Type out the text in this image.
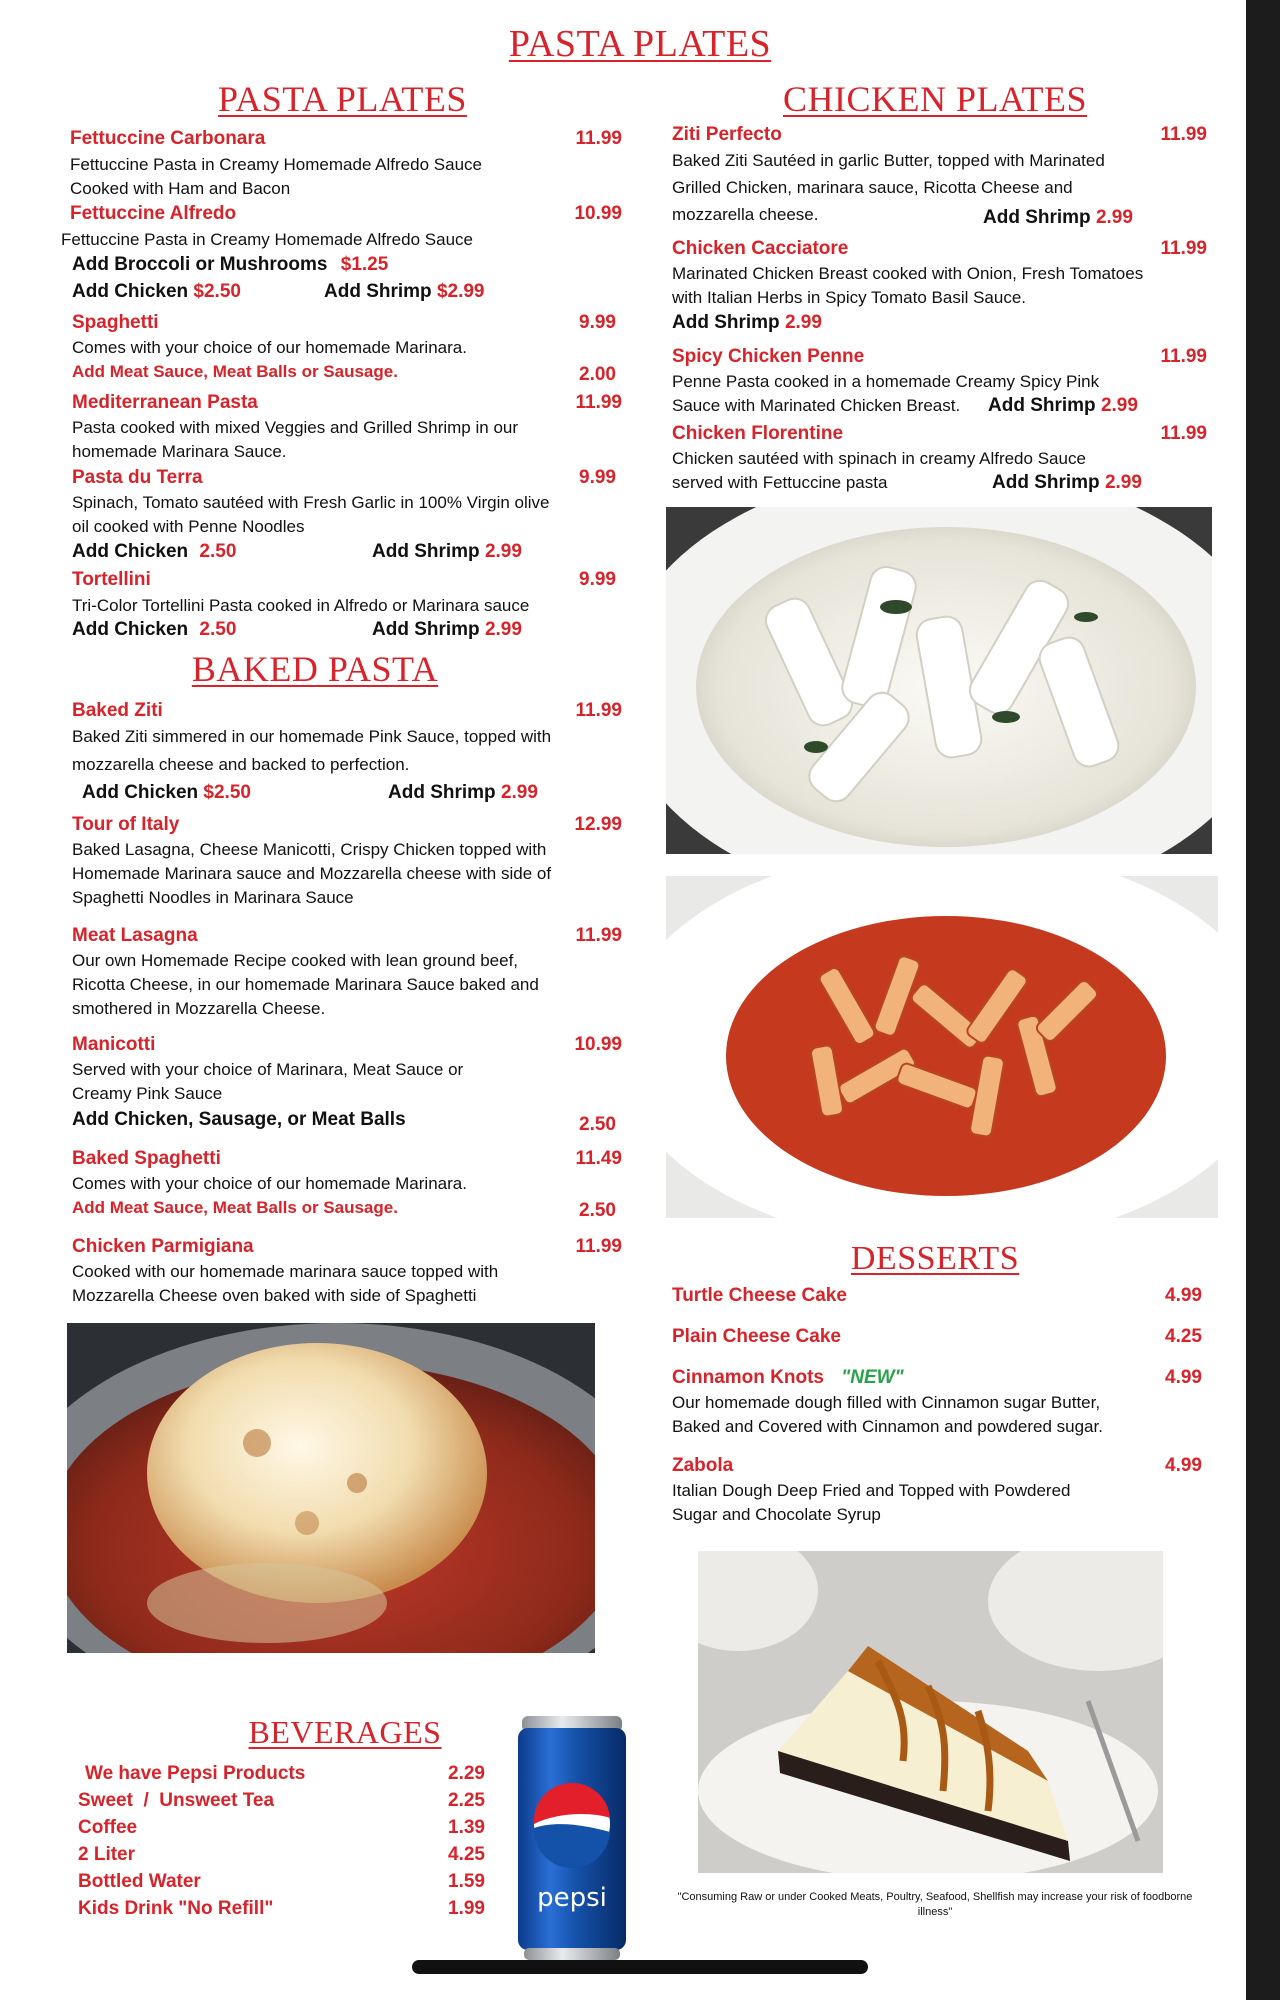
PASTA PLATES
PASTA PLATES
Fettuccine Carbonara	11.99
Fettuccine Pasta in Creamy Homemade Alfredo Sauce Cooked with Ham and Bacon
Fettuccine Alfredo	10.99
Fettuccine Pasta in Creamy Homemade Alfredo Sauce
Add Broccoli or Mushrooms $1.25
Add Chicken $2.50	Add Shrimp $2.99
Spaghetti	9.99
Comes with your choice of our homemade Marinara.
Add Meat Sauce, Meat Balls or Sausage.	2.00
Mediterranean Pasta	11.99
Pasta cooked with mixed Veggies and Grilled Shrimp in our homemade Marinara Sauce.
Pasta du Terra	9.99
Spinach, Tomato sautéed with Fresh Garlic in 100% Virgin olive oil cooked with Penne Noodles
Add Chicken 2.50	Add Shrimp 2.99
Tortellini	9.99
Tri-Color Tortellini Pasta cooked in Alfredo or Marinara sauce
Add Chicken 2.50	Add Shrimp 2.99
BAKED PASTA
Baked Ziti	11.99
Baked Ziti simmered in our homemade Pink Sauce, topped with mozzarella cheese and backed to perfection.
Add Chicken $2.50	Add Shrimp 2.99
Tour of Italy	12.99
Baked Lasagna, Cheese Manicotti, Crispy Chicken topped with Homemade Marinara sauce and Mozzarella cheese with side of Spaghetti Noodles in Marinara Sauce
Meat Lasagna	11.99
Our own Homemade Recipe cooked with lean ground beef, Ricotta Cheese, in our homemade Marinara Sauce baked and smothered in Mozzarella Cheese.
Manicotti	10.99
Served with your choice of Marinara, Meat Sauce or Creamy Pink Sauce
Add Chicken, Sausage, or Meat Balls	2.50
Baked Spaghetti	11.49
Comes with your choice of our homemade Marinara.
Add Meat Sauce, Meat Balls or Sausage.	2.50
Chicken Parmigiana	11.99
Cooked with our homemade marinara sauce topped with Mozzarella Cheese oven baked with side of Spaghetti
BEVERAGES
We have Pepsi Products	2.29
Sweet  /  Unsweet Tea	2.25
Coffee	1.39
2 Liter	4.25
Bottled Water	1.59
Kids Drink "No Refill"	1.99 pepsi
CHICKEN PLATES
Ziti Perfecto	11.99
Baked Ziti Sautéed in garlic Butter, topped with Marinated Grilled Chicken, marinara sauce, Ricotta Cheese and mozzarella cheese.	Add Shrimp 2.99
Chicken Cacciatore	11.99
Marinated Chicken Breast cooked with Onion, Fresh Tomatoes with Italian Herbs in Spicy Tomato Basil Sauce.
Add Shrimp 2.99
Spicy Chicken Penne	11.99
Penne Pasta cooked in a homemade Creamy Spicy Pink Sauce with Marinated Chicken Breast.	Add Shrimp 2.99
Chicken Florentine	11.99
Chicken sautéed with spinach in creamy Alfredo Sauce served with Fettuccine pasta	Add Shrimp 2.99
DESSERTS
Turtle Cheese Cake	4.99
Plain Cheese Cake	4.25
Cinnamon Knots "NEW"	4.99
Our homemade dough filled with Cinnamon sugar Butter, Baked and Covered with Cinnamon and powdered sugar.
Zabola	4.99
Italian Dough Deep Fried and Topped with Powdered Sugar and Chocolate Syrup
"Consuming Raw or under Cooked Meats, Poultry, Seafood, Shellfish may increase your risk of foodborne illness"
